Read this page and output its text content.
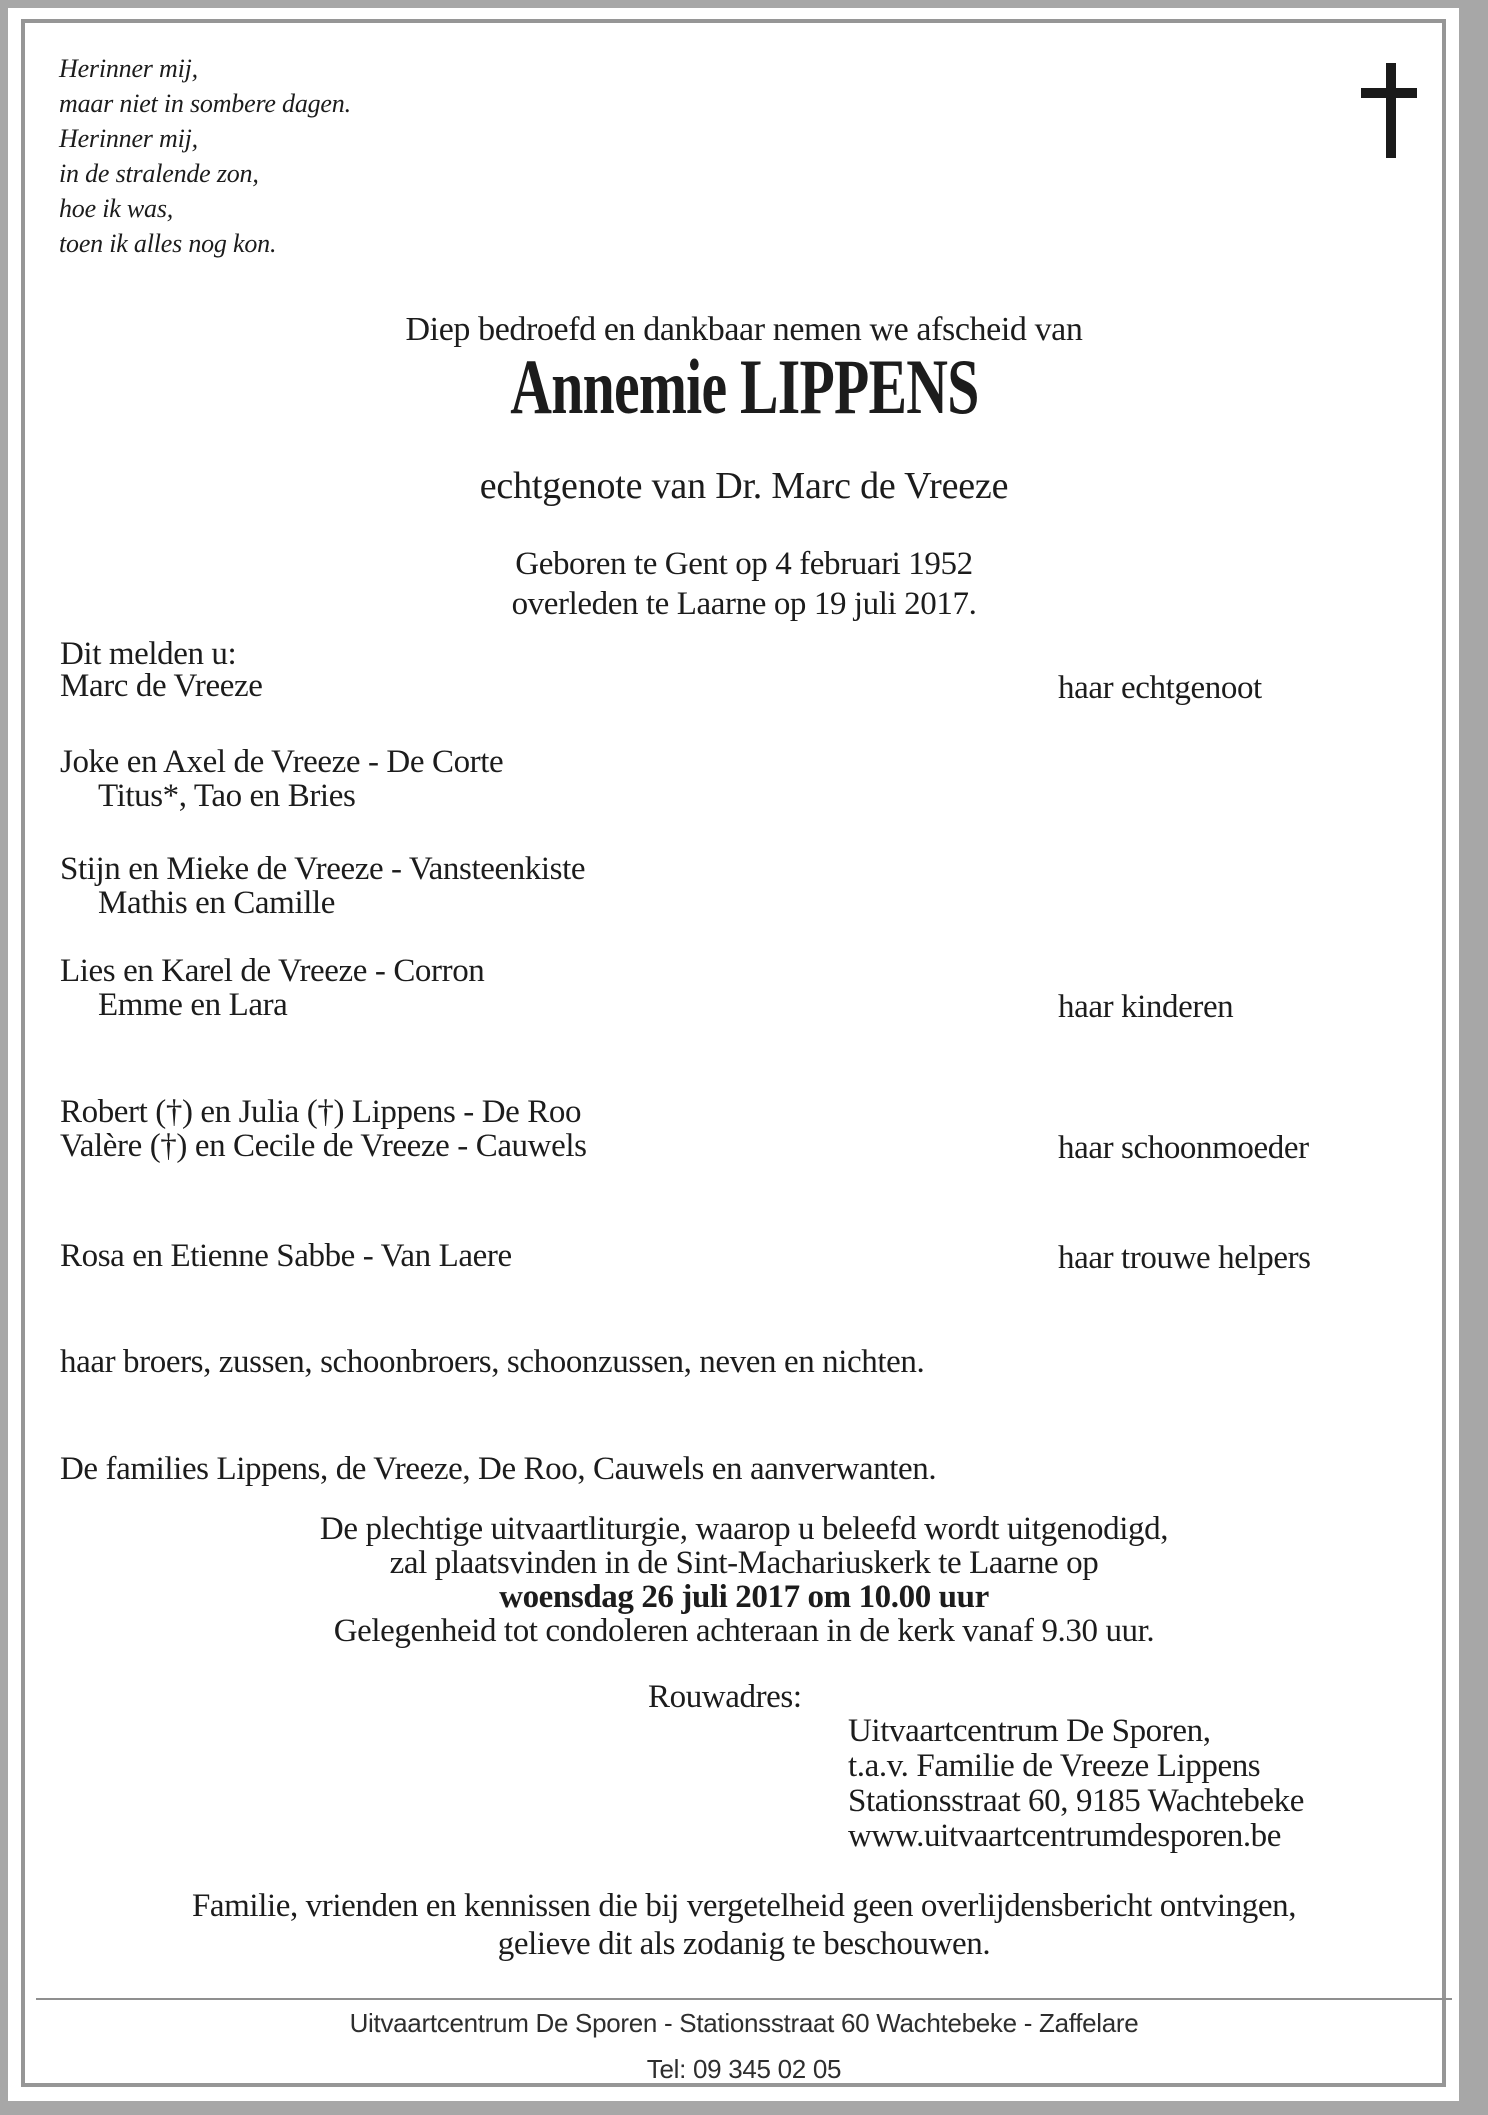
Herinner mij,
maar niet in sombere dagen.
Herinner mij,
in de stralende zon,
hoe ik was,
toen ik alles nog kon.
Diep bedroefd en dankbaar nemen we afscheid van
Annemie LIPPENS
echtgenote van Dr. Marc de Vreeze
Geboren te Gent op 4 februari 1952
overleden te Laarne op 19 juli 2017.
Dit melden u:
Marc de Vreeze	haar echtgenoot
Joke en Axel de Vreeze - De Corte
Titus*, Tao en Bries
Stijn en Mieke de Vreeze - Vansteenkiste
Mathis en Camille
Lies en Karel de Vreeze - Corron
Emme en Lara	haar kinderen
Robert (†) en Julia (†) Lippens - De Roo
Valère (†) en Cecile de Vreeze - Cauwels	haar schoonmoeder
Rosa en Etienne Sabbe - Van Laere	haar trouwe helpers
haar broers, zussen, schoonbroers, schoonzussen, neven en nichten.
De families Lippens, de Vreeze, De Roo, Cauwels en aanverwanten.
De plechtige uitvaartliturgie, waarop u beleefd wordt uitgenodigd,
zal plaatsvinden in de Sint-Machariuskerk te Laarne op
woensdag 26 juli 2017 om 10.00 uur
Gelegenheid tot condoleren achteraan in de kerk vanaf 9.30 uur.
Rouwadres:
Uitvaartcentrum De Sporen,
t.a.v. Familie de Vreeze Lippens
Stationsstraat 60, 9185 Wachtebeke
www.uitvaartcentrumdesporen.be
Familie, vrienden en kennissen die bij vergetelheid geen overlijdensbericht ontvingen,
gelieve dit als zodanig te beschouwen.
Uitvaartcentrum De Sporen - Stationsstraat 60 Wachtebeke - Zaffelare
Tel: 09 345 02 05
